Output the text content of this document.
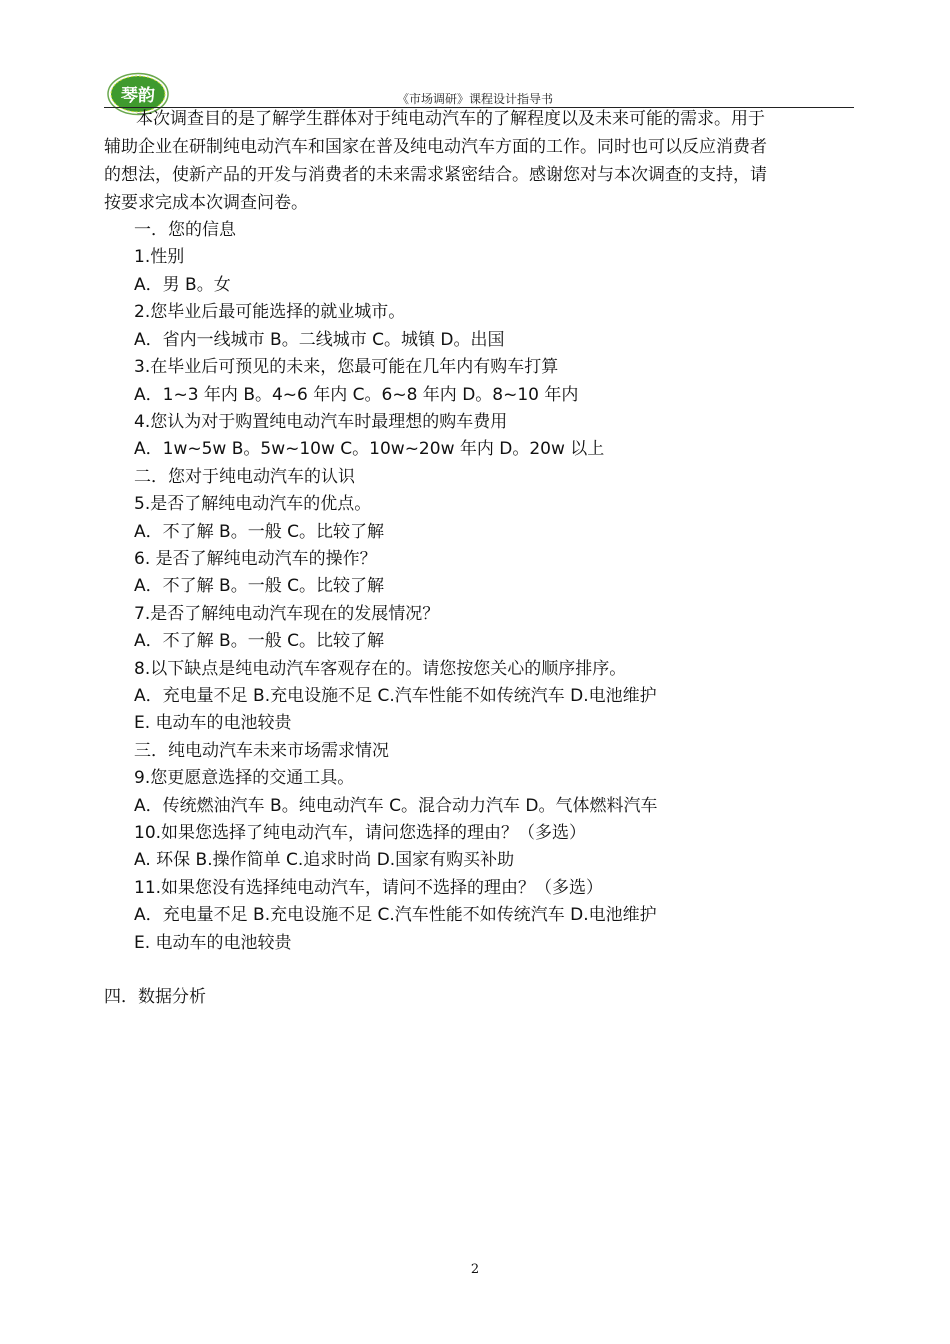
琴韵	《市场调研》课程设计指导书
本次调查目的是了解学生群体对于纯电动汽车的了解程度以及未来可能的需求。用于
辅助企业在研制纯电动汽车和国家在普及纯电动汽车方面的工作。同时也可以反应消费者
的想法，使新产品的开发与消费者的未来需求紧密结合。感谢您对与本次调查的支持，请
按要求完成本次调查问卷。
一．您的信息
1.性别
A．男 B。女
2.您毕业后最可能选择的就业城市。
A．省内一线城市 B。二线城市 C。城镇 D。出国
3.在毕业后可预见的未来，您最可能在几年内有购车打算
A．1~3 年内 B。4~6 年内 C。6~8 年内 D。8~10 年内
4.您认为对于购置纯电动汽车时最理想的购车费用
A．1w~5w B。5w~10w C。10w~20w 年内 D。20w 以上
二．您对于纯电动汽车的认识
5.是否了解纯电动汽车的优点。
A．不了解 B。一般 C。比较了解
6. 是否了解纯电动汽车的操作？
A．不了解 B。一般 C。比较了解
7.是否了解纯电动汽车现在的发展情况？
A．不了解 B。一般 C。比较了解
8.以下缺点是纯电动汽车客观存在的。请您按您关心的顺序排序。
A．充电量不足 B.充电设施不足 C.汽车性能不如传统汽车 D.电池维护
E. 电动车的电池较贵
三．纯电动汽车未来市场需求情况
9.您更愿意选择的交通工具。
A．传统燃油汽车 B。纯电动汽车 C。混合动力汽车 D。气体燃料汽车
10.如果您选择了纯电动汽车，请问您选择的理由？（多选）
A. 环保 B.操作简单 C.追求时尚 D.国家有购买补助
11.如果您没有选择纯电动汽车，请问不选择的理由？（多选）
A．充电量不足 B.充电设施不足 C.汽车性能不如传统汽车 D.电池维护
E. 电动车的电池较贵
四．数据分析
2
